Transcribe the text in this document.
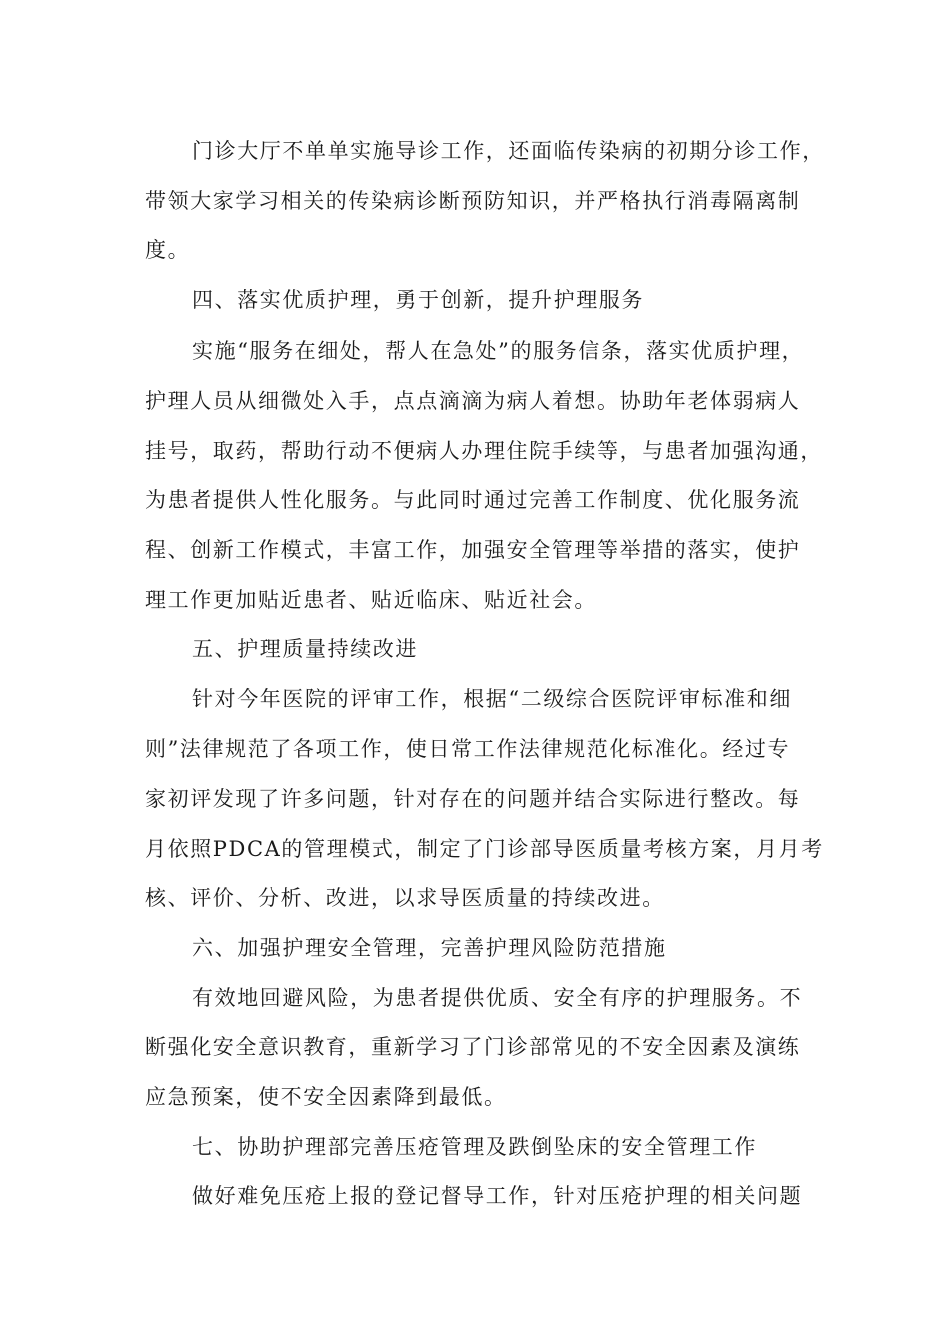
门诊大厅不单单实施导诊工作，还面临传染病的初期分诊工作，
带领大家学习相关的传染病诊断预防知识，并严格执行消毒隔离制
度。
四、落实优质护理，勇于创新，提升护理服务
实施“服务在细处，帮人在急处”的服务信条，落实优质护理，
护理人员从细微处入手，点点滴滴为病人着想。协助年老体弱病人
挂号，取药，帮助行动不便病人办理住院手续等，与患者加强沟通，
为患者提供人性化服务。与此同时通过完善工作制度、优化服务流
程、创新工作模式，丰富工作，加强安全管理等举措的落实，使护
理工作更加贴近患者、贴近临床、贴近社会。
五、护理质量持续改进
针对今年医院的评审工作，根据“二级综合医院评审标准和细
则”法律规范了各项工作，使日常工作法律规范化标准化。经过专
家初评发现了许多问题，针对存在的问题并结合实际进行整改。每
月依照PDCA的管理模式，制定了门诊部导医质量考核方案，月月考
核、评价、分析、改进，以求导医质量的持续改进。
六、加强护理安全管理，完善护理风险防范措施
有效地回避风险，为患者提供优质、安全有序的护理服务。不
断强化安全意识教育，重新学习了门诊部常见的不安全因素及演练
应急预案，使不安全因素降到最低。
七、协助护理部完善压疮管理及跌倒坠床的安全管理工作
做好难免压疮上报的登记督导工作，针对压疮护理的相关问题
